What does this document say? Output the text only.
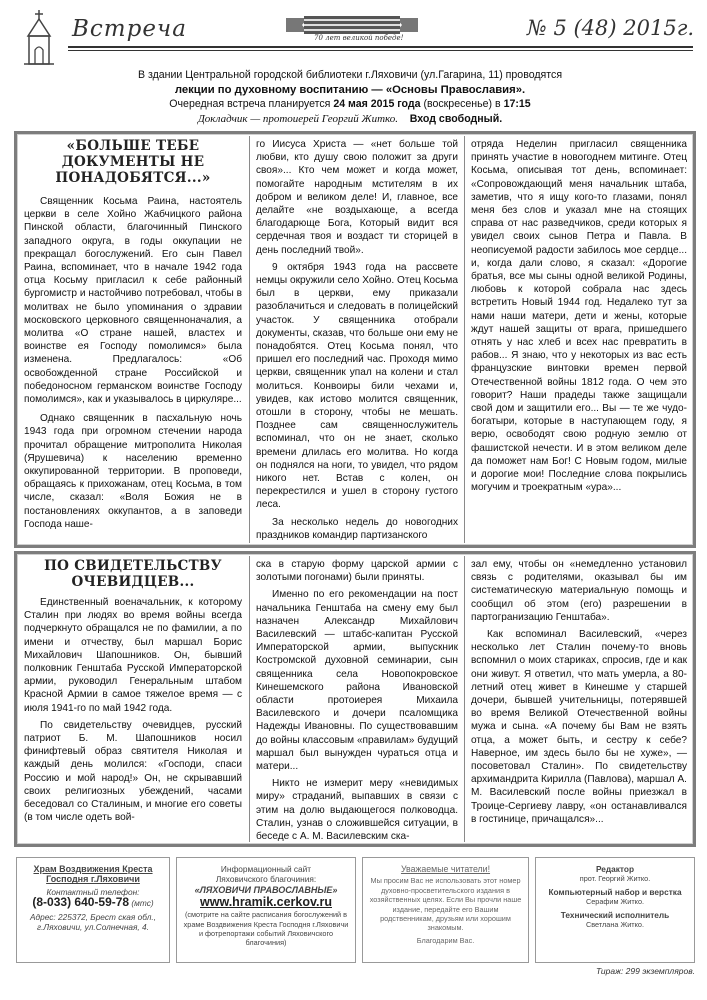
Встреча	70 лет великой победе!	№ 5 (48) 2015г.
В здании Центральной городской библиотеки г.Ляховичи (ул.Гагарина, 11) проводятся
лекции по духовному воспитанию — «Основы Православия».
Очередная встреча планируется 24 мая 2015 года (воскресенье) в 17:15
Докладчик — протоиерей Георгий Житко. Вход свободный.
«БОЛЬШЕ ТЕБЕ ДОКУМЕНТЫ НЕ ПОНАДОБЯТСЯ...»

Священник Косьма Раина, настоятель церкви в селе Хойно Жабчицкого района Пинской области, благочинный Пинского западного округа, в годы оккупации не прекращал богослужений. Его сын Павел Раина, вспоминает, что в начале 1942 года отца Косьму пригласил к себе районный бургомистр и настойчиво потребовал, чтобы в молитвах не было упоминания о здравии московского церковного священноначалия, а молитва «О стране нашей, властех и воинстве ея Господу помолимся» была изменена. Предлагалось: «Об освобожденной стране Российской и победоносном германском воинстве Господу помолимся», как и указывалось в циркуляре...

Однако священник в пасхальную ночь 1943 года при огромном стечении народа прочитал обращение митрополита Николая (Ярушевича) к населению временно оккупированной территории. В проповеди, обращаясь к прихожанам, отец Косьма, в том числе, сказал: «Воля Божия не в постановлениях оккупантов, а в заповеди Господа наше-

го Иисуса Христа — «нет больше той любви, кто душу свою положит за други своя»... Кто чем может и когда может, помогайте народным мстителям в их добром и великом деле! И, главное, все делайте «не воздыхающе, а всегда благодарюще Бога, Который видит вся сердечная твоя и воздаст ти сторицей в день последний твой».

9 октября 1943 года на рассвете немцы окружили село Хойно. Отец Косьма был в церкви, ему приказали разоблачиться и следовать в полицейский участок. У священника отобрали документы, сказав, что больше они ему не понадобятся. Отец Косьма понял, что пришел его последний час. Проходя мимо церкви, священник упал на колени и стал молиться. Конвоиры били чехами и, увидев, как истово молится священник, отошли в сторону, чтобы не мешать. Позднее сам священнослужитель вспоминал, что он не знает, сколько времени длилась его молитва. Но когда он поднялся на ноги, то увидел, что рядом никого нет. Встав с колен, он перекрестился и ушел в сторону густого леса.

За несколько недель до новогодних праздников командир партизанского

отряда Неделин пригласил священника принять участие в новогоднем митинге. Отец Косьма, описывая тот день, вспоминает: «Сопровождающий меня начальник штаба, заметив, что я ищу кого-то глазами, понял меня без слов и указал мне на стоящих справа от нас разведчиков, среди которых я увидел своих сынов Петра и Павла. В неописуемой радости забилось мое сердце... и, когда дали слово, я сказал: «Дорогие братья, все мы сыны одной великой Родины, любовь к которой собрала нас здесь встретить Новый 1944 год. Недалеко тут за нами наши матери, дети и жены, которые ждут нашей защиты от врага, пришедшего отнять у нас хлеб и всех нас превратить в рабов... Я знаю, что у некоторых из вас есть французские винтовки времен первой Отечественной войны 1812 года. О чем это говорит? Наши прадеды также защищали свой дом и защитили его... Вы — те же чудо-богатыри, которые в наступающем году, я верю, освободят свою родную землю от фашистской нечести. И в этом великом деле да поможет нам Бог! С Новым годом, милые и дорогие мои! Последние слова покрылись могучим и троекратным «ура»...

ПО СВИДЕТЕЛЬСТВУ ОЧЕВИДЦЕВ...

Единственный военачальник, к которому Сталин при людях во время войны всегда подчеркнуто обращался не по фамилии, а по имени и отчеству, был маршал Борис Михайлович Шапошников. Он, бывший полковник Генштаба Русской Императорской армии, руководил Генеральным штабом Красной Армии в самое тяжелое время — с июля 1941-го по май 1942 года.

По свидетельству очевидцев, русский патриот Б. М. Шапошников носил финифтевый образ святителя Николая и каждый день молился: «Господи, спаси Россию и мой народ!» Он, не скрывавший своих религиозных убеждений, часами беседовал со Сталиным, и многие его советы (в том числе одеть вой-

ска в старую форму царской армии с золотыми погонами) были приняты.

Именно по его рекомендации на пост начальника Генштаба на смену ему был назначен Александр Михайлович Василевский — штабс-капитан Русской Императорской армии, выпускник Костромской духовной семинарии, сын священника села Новопокровское Кинешемского района Ивановской области протоиерея Михаила Василевского и дочери псаломщика Надежды Ивановны. По существовавшим до войны классовым «правилам» будущий маршал был вынужден чураться отца и матери...

Никто не измерит меру «невидимых миру» страданий, выпавших в связи с этим на долю выдающегося полководца. Сталин, узнав о сложившейся ситуации, в беседе с А. М. Василевским ска-

зал ему, чтобы он «немедленно установил связь с родителями, оказывал бы им систематическую материальную помощь и сообщил об этом (его) разрешении в партогранизацию Генштаба».

Как вспоминал Василевский, «через несколько лет Сталин почему-то вновь вспомнил о моих стариках, спросив, где и как они живут. Я ответил, что мать умерла, а 80-летний отец живет в Кинешме у старшей дочери, бывшей учительницы, потерявшей во время Великой Отечественной войны мужа и сына. «А почему бы Вам не взять отца, а может быть, и сестру к себе? Наверное, им здесь было бы не хуже», — посоветовал Сталин». По свидетельству архимандрита Кирилла (Павлова), маршал А. М. Василевский после войны приезжал в Троице-Сергиеву лавру, «он останавливался в гостинице, причащался»...

Храм Воздвижения Креста
Господня г.Ляховичи
Контактный телефон:
(8-033) 640-59-78 (мтс)
Адрес: 225372, Брест ская обл., г.Ляховичи, ул.Солнечная, 4.
Информационный сайт
Ляховичского благочиния:
«ЛЯХОВИЧИ ПРАВОСЛАВНЫЕ»
www.hramik.cerkov.ru
(смотрите на сайте расписания богослужений в храме Воздвижения Креста Господня г.Ляховичи и фотрепортажи событий Ляховичского благочиния)
Уважаемые читатели!
Мы просим Вас не использовать этот номер духовно-просветительского издания в хозяйственных целях. Если Вы прочли наше издание, передайте его Вашим родственникам, друзьям или хорошим знакомым.
Благодарим Вас.
Редактор
прот. Георгий Житко.
Компьютерный набор и верстка
Серафим Житко.
Технический исполнитель
Светлана Житко.
Тираж: 299 экземпляров.
